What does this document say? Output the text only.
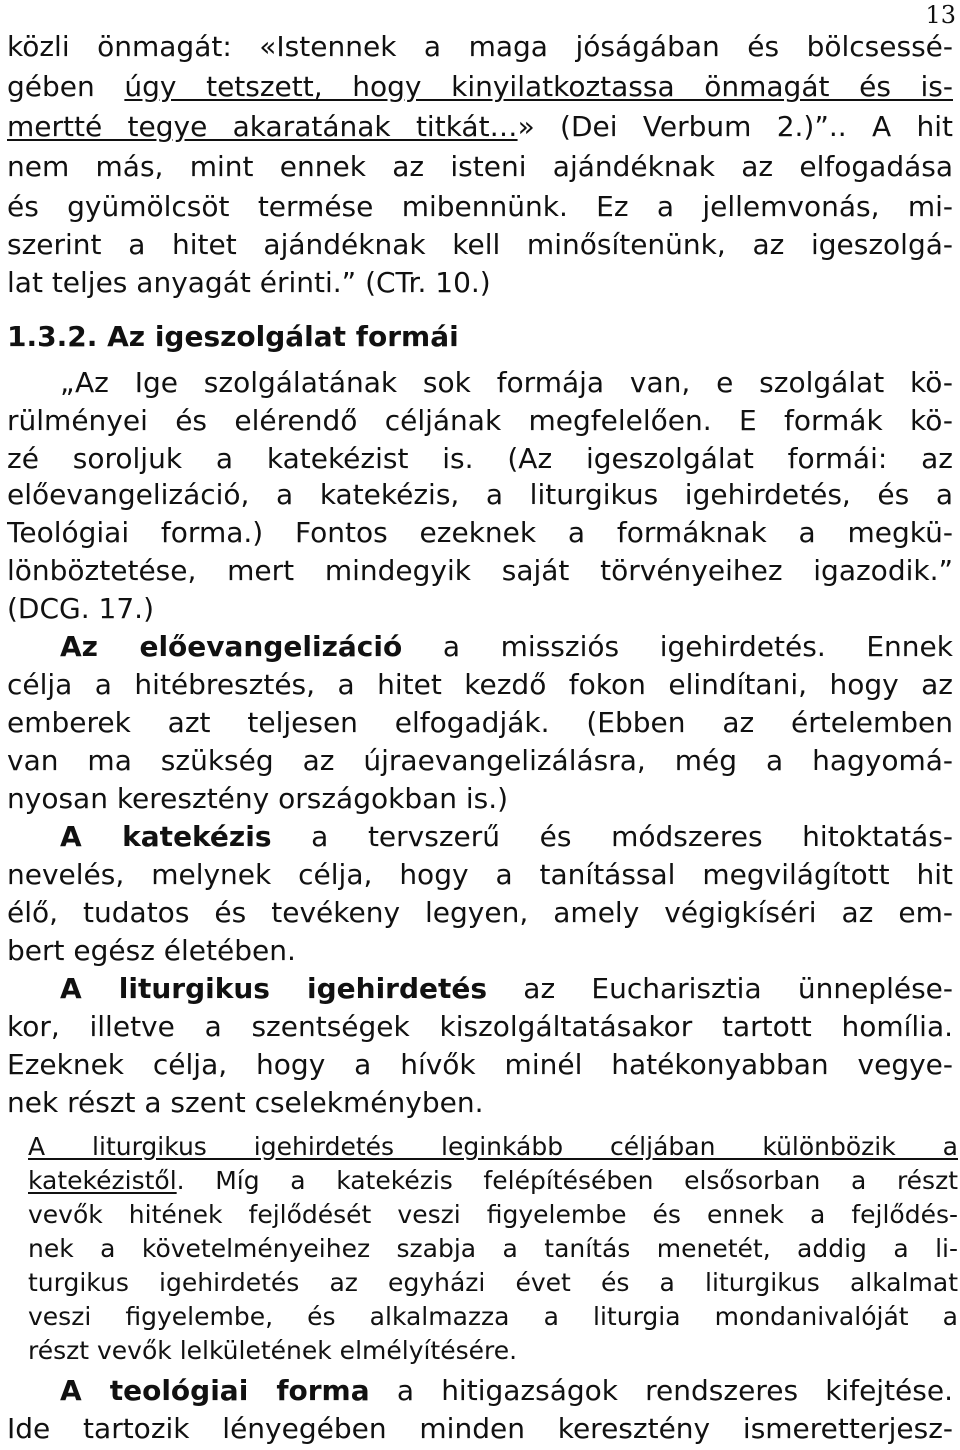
13
közli önmagát: «Istennek a maga jóságában és bölcsessé-
gében úgy tetszett, hogy kinyilatkoztassa önmagát és is-
mertté tegye akaratának titkát…» (Dei Verbum 2.)”.. A hit
nem más, mint ennek az isteni ajándéknak az elfogadása
és gyümölcsöt termése mibennünk. Ez a jellemvonás, mi-
szerint a hitet ajándéknak kell minősítenünk, az igeszolgá-
lat teljes anyagát érinti.” (CTr. 10.)
1.3.2. Az igeszolgálat formái
„Az Ige szolgálatának sok formája van, e szolgálat kö-
rülményei és elérendő céljának megfelelően. E formák kö-
zé soroljuk a katekézist is. (Az igeszolgálat formái: az
előevangelizáció, a katekézis, a liturgikus igehirdetés, és a
Teológiai forma.) Fontos ezeknek a formáknak a megkü-
lönböztetése, mert mindegyik saját törvényeihez igazodik.”
(DCG. 17.)
Az előevangelizáció a missziós igehirdetés. Ennek
célja a hitébresztés, a hitet kezdő fokon elindítani, hogy az
emberek azt teljesen elfogadják. (Ebben az értelemben
van ma szükség az újraevangelizálásra, még a hagyomá-
nyosan keresztény országokban is.)
A katekézis a tervszerű és módszeres hitoktatás-
nevelés, melynek célja, hogy a tanítással megvilágított hit
élő, tudatos és tevékeny legyen, amely végigkíséri az em-
bert egész életében.
A liturgikus igehirdetés az Eucharisztia ünneplése-
kor, illetve a szentségek kiszolgáltatásakor tartott homília.
Ezeknek célja, hogy a hívők minél hatékonyabban vegye-
nek részt a szent cselekményben.
A liturgikus igehirdetés leginkább céljában különbözik a
katekézistől. Míg a katekézis felépítésében elsősorban a részt
vevők hitének fejlődését veszi figyelembe és ennek a fejlődés-
nek a követelményeihez szabja a tanítás menetét, addig a li-
turgikus igehirdetés az egyházi évet és a liturgikus alkalmat
veszi figyelembe, és alkalmazza a liturgia mondanivalóját a
részt vevők lelkületének elmélyítésére.
A teológiai forma a hitigazságok rendszeres kifejtése.
Ide tartozik lényegében minden keresztény ismeretterjesz-
